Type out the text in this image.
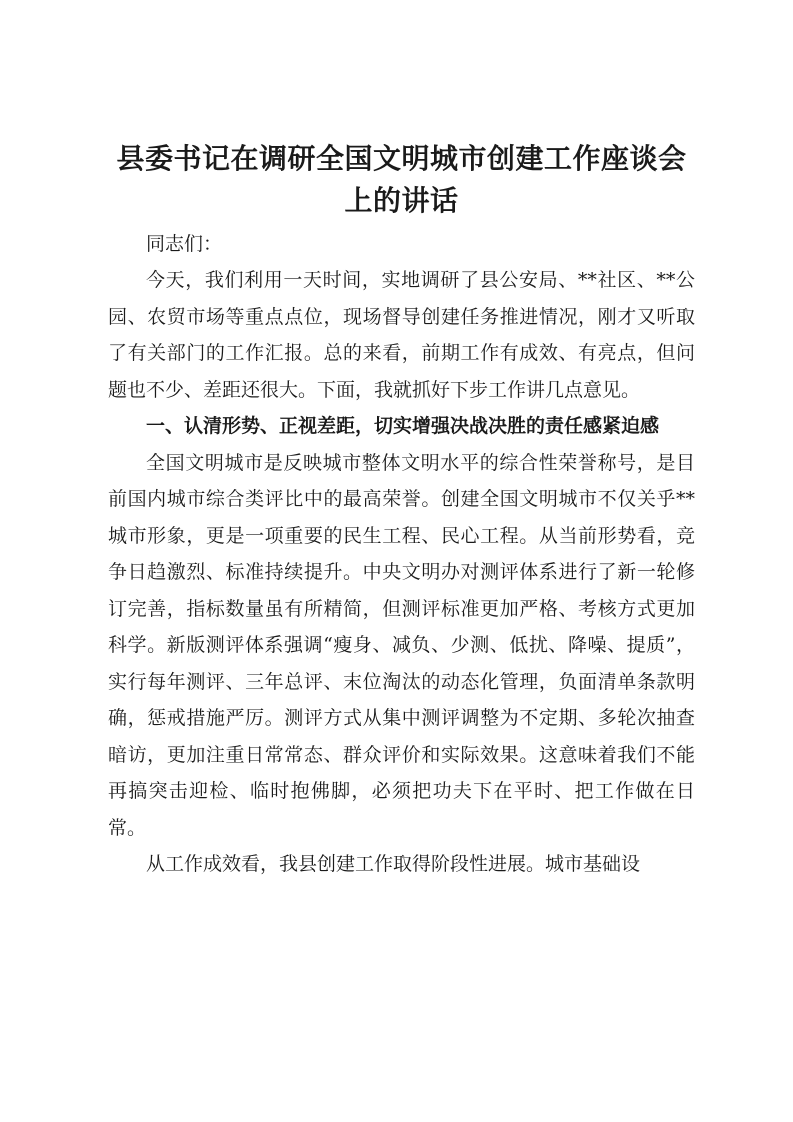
县委书记在调研全国文明城市创建工作座谈会上的讲话

同志们：

今天，我们利用一天时间，实地调研了县公安局、**社区、**公园、农贸市场等重点点位，现场督导创建任务推进情况，刚才又听取了有关部门的工作汇报。总的来看，前期工作有成效、有亮点，但问题也不少、差距还很大。下面，我就抓好下步工作讲几点意见。

一、认清形势、正视差距，切实增强决战决胜的责任感紧迫感

全国文明城市是反映城市整体文明水平的综合性荣誉称号，是目前国内城市综合类评比中的最高荣誉。创建全国文明城市不仅关乎**城市形象，更是一项重要的民生工程、民心工程。从当前形势看，竞争日趋激烈、标准持续提升。中央文明办对测评体系进行了新一轮修订完善，指标数量虽有所精简，但测评标准更加严格、考核方式更加科学。新版测评体系强调“瘦身、减负、少测、低扰、降噪、提质”，实行每年测评、三年总评、末位淘汰的动态化管理，负面清单条款明确，惩戒措施严厉。测评方式从集中测评调整为不定期、多轮次抽查暗访，更加注重日常常态、群众评价和实际效果。这意味着我们不能再搞突击迎检、临时抱佛脚，必须把功夫下在平时、把工作做在日常。

从工作成效看，我县创建工作取得阶段性进展。城市基础设
